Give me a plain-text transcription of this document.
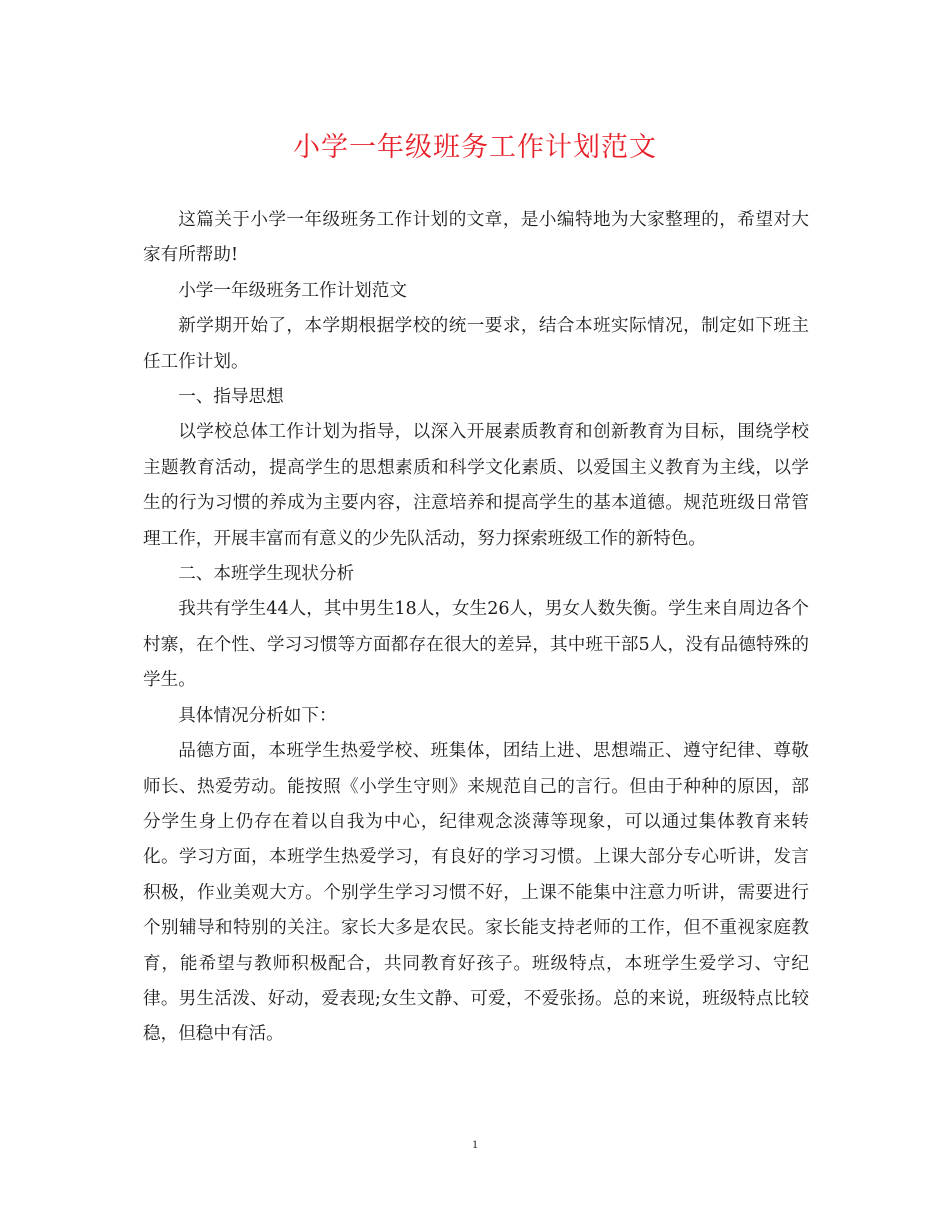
小学一年级班务工作计划范文

这篇关于小学一年级班务工作计划的文章，是小编特地为大家整理的，希望对大家有所帮助!

小学一年级班务工作计划范文

新学期开始了，本学期根据学校的统一要求，结合本班实际情况，制定如下班主任工作计划。

一、指导思想

以学校总体工作计划为指导，以深入开展素质教育和创新教育为目标，围绕学校主题教育活动，提高学生的思想素质和科学文化素质、以爱国主义教育为主线，以学生的行为习惯的养成为主要内容，注意培养和提高学生的基本道德。规范班级日常管理工作，开展丰富而有意义的少先队活动，努力探索班级工作的新特色。

二、本班学生现状分析

我共有学生44人，其中男生18人，女生26人，男女人数失衡。学生来自周边各个村寨，在个性、学习习惯等方面都存在很大的差异，其中班干部5人，没有品德特殊的学生。

具体情况分析如下：

品德方面，本班学生热爱学校、班集体，团结上进、思想端正、遵守纪律、尊敬师长、热爱劳动。能按照《小学生守则》来规范自己的言行。但由于种种的原因，部分学生身上仍存在着以自我为中心，纪律观念淡薄等现象，可以通过集体教育来转化。学习方面，本班学生热爱学习，有良好的学习习惯。上课大部分专心听讲，发言积极，作业美观大方。个别学生学习习惯不好，上课不能集中注意力听讲，需要进行个别辅导和特别的关注。家长大多是农民。家长能支持老师的工作，但不重视家庭教育，能希望与教师积极配合，共同教育好孩子。班级特点，本班学生爱学习、守纪律。男生活泼、好动，爱表现;女生文静、可爱，不爱张扬。总的来说，班级特点比较稳，但稳中有活。

1
